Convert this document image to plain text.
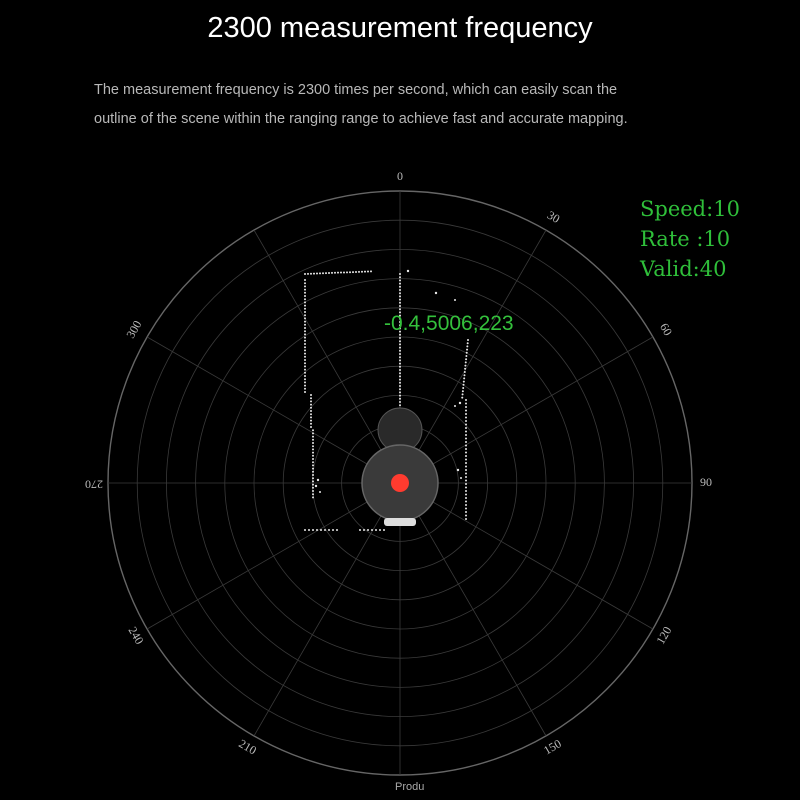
2300 measurement frequency
The measurement frequency is 2300 times per second, which can easily scan the
outline of the scene within the ranging range to achieve fast and accurate mapping.
0
30
60
90
120
150
210
240
270
300
Speed:10
Rate :10
Valid:40
-0.4,5006,223
Produ
